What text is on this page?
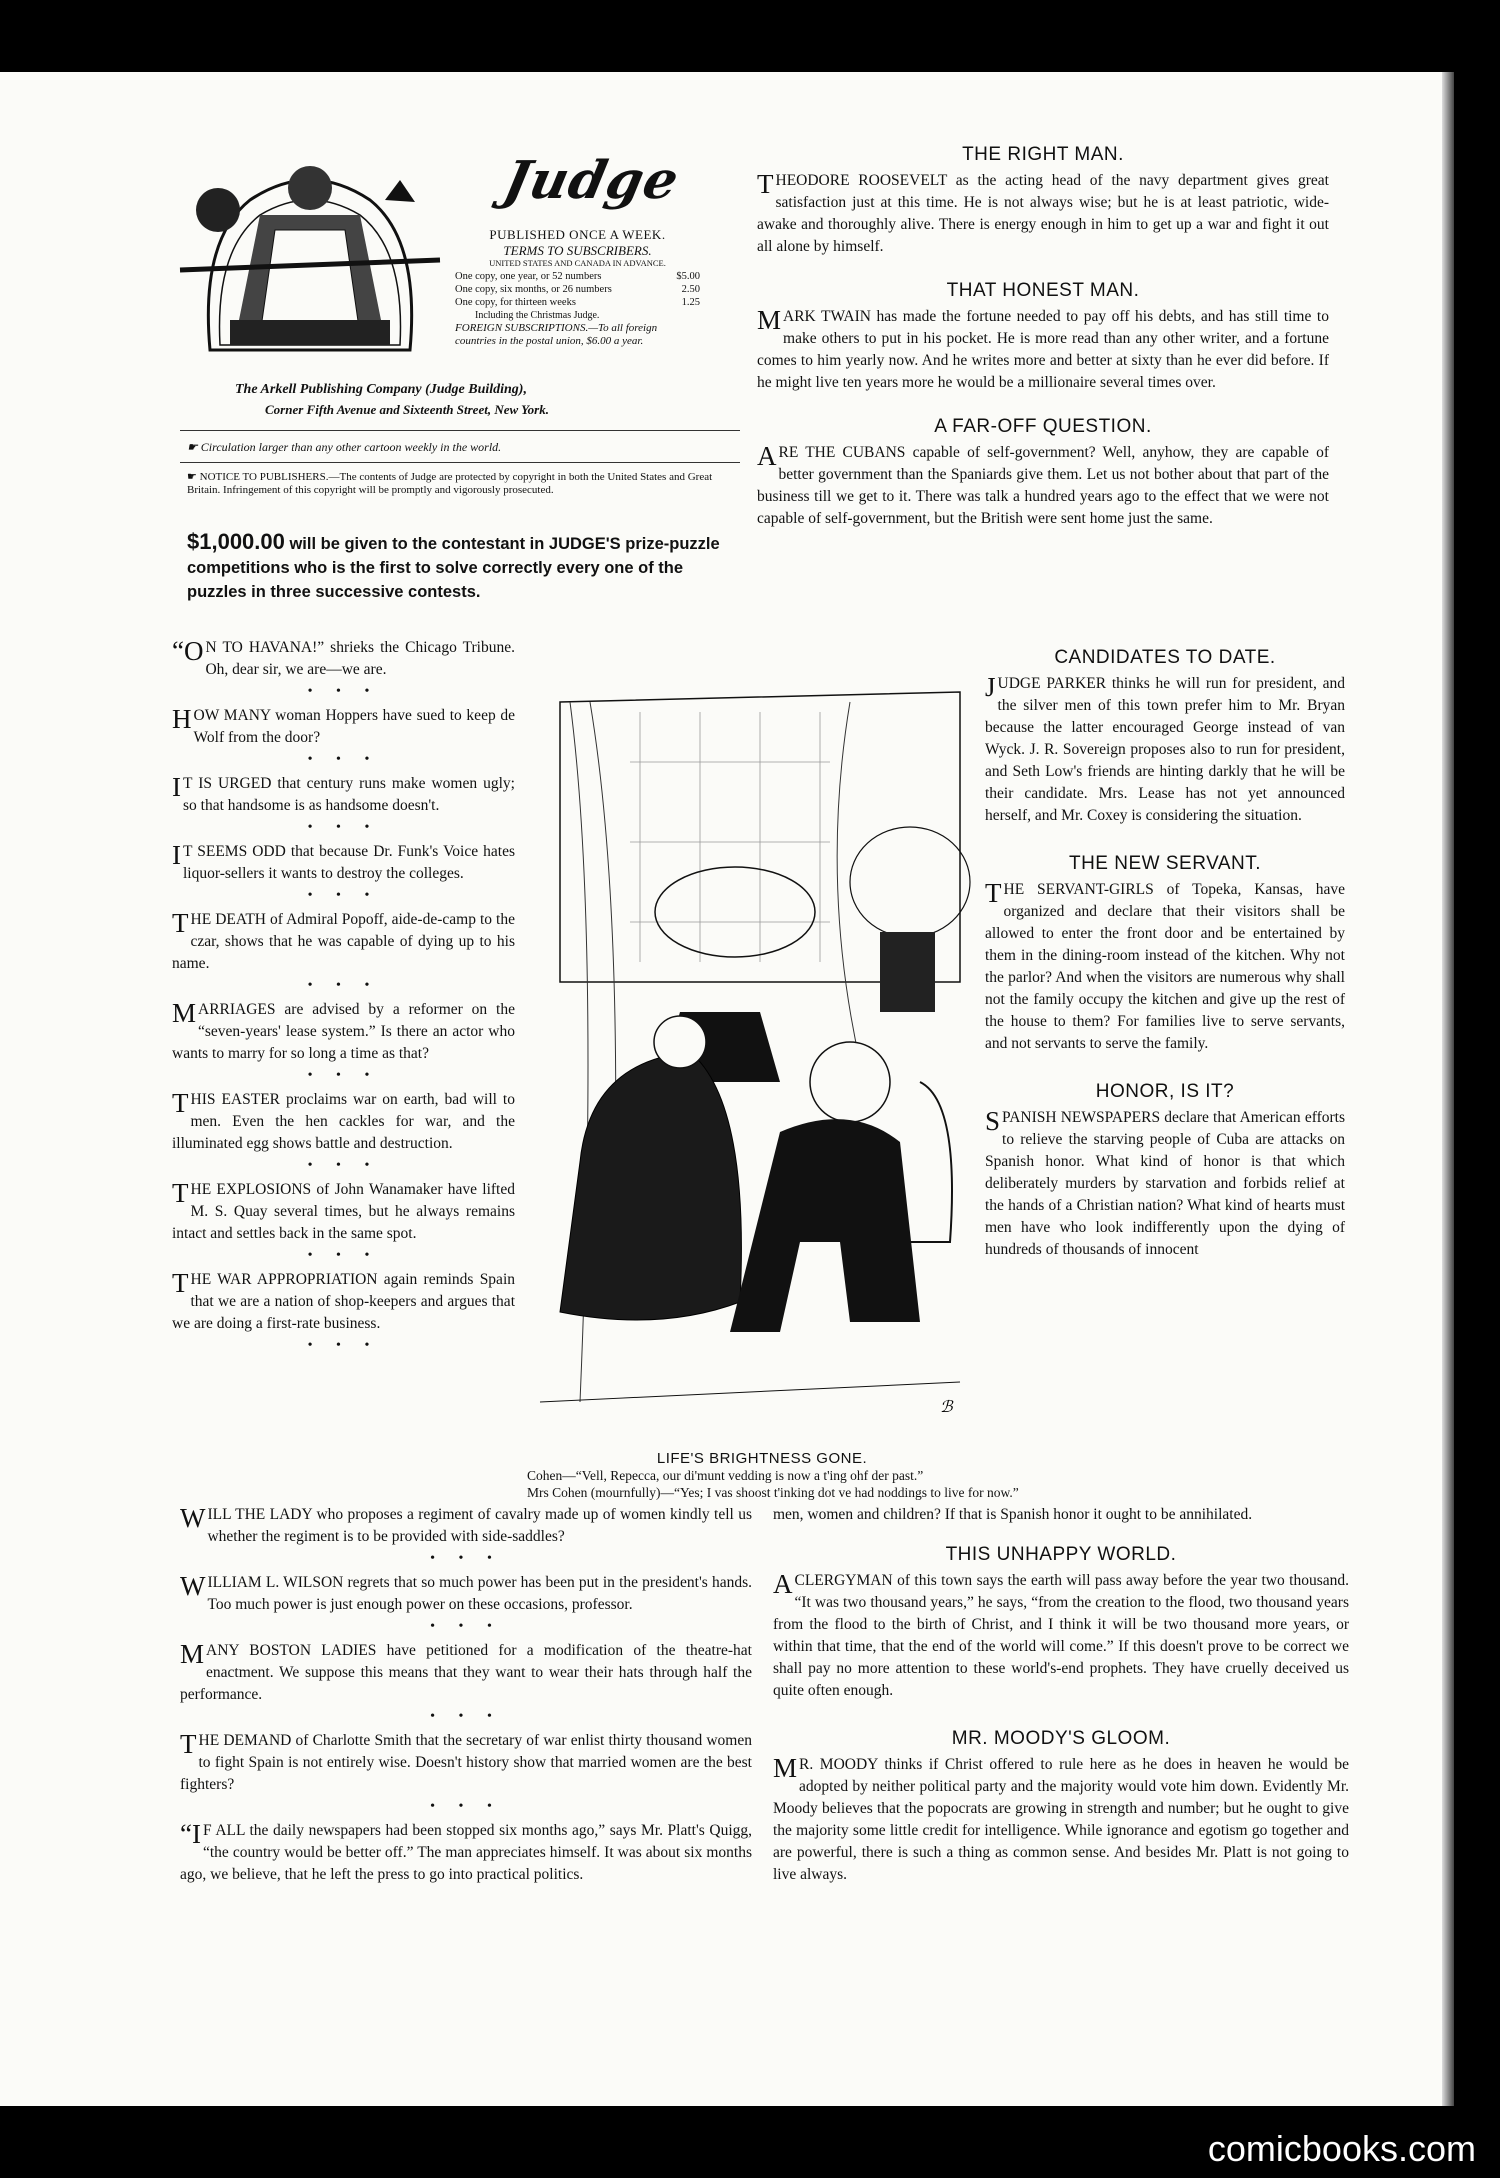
Judge

PUBLISHED ONCE A WEEK.

TERMS TO SUBSCRIBERS.

UNITED STATES AND CANADA IN ADVANCE.

One copy, one year, or 52 numbers	$5.00
One copy, six months, or 26 numbers	2.50
One copy, for thirteen weeks	1.25

Including the Christmas Judge.

FOREIGN SUBSCRIPTIONS.—To all foreign countries in the postal union, $6.00 a year.

The Arkell Publishing Company (Judge Building),

Corner Fifth Avenue and Sixteenth Street, New York.

☛ Circulation larger than any other cartoon weekly in the world.

☛ NOTICE TO PUBLISHERS.—The contents of Judge are protected by copyright in both the United States and Great Britain. Infringement of this copyright will be promptly and vigorously prosecuted.

$1,000.00 will be given to the contestant in JUDGE'S prize-puzzle competitions who is the first to solve correctly every one of the puzzles in three successive contests.

THE RIGHT MAN.

THEODORE ROOSEVELT as the acting head of the navy department gives great satisfaction just at this time. He is not always wise; but he is at least patriotic, wide-awake and thoroughly alive. There is energy enough in him to get up a war and fight it out all alone by himself.

THAT HONEST MAN.

MARK TWAIN has made the fortune needed to pay off his debts, and has still time to make others to put in his pocket. He is more read than any other writer, and a fortune comes to him yearly now. And he writes more and better at sixty than he ever did before. If he might live ten years more he would be a millionaire several times over.

A FAR-OFF QUESTION.

ARE THE CUBANS capable of self-government? Well, anyhow, they are capable of better government than the Spaniards give them. Let us not bother about that part of the business till we get to it. There was talk a hundred years ago to the effect that we were not capable of self-government, but the British were sent home just the same.

“O N TO HAVANA!” shrieks the Chicago Tribune. Oh, dear sir, we are—we are.

• • •

HOW MANY woman Hoppers have sued to keep de Wolf from the door?

• • •

I T IS URGED that century runs make women ugly; so that handsome is as handsome doesn't.

• • •

I T SEEMS ODD that because Dr. Funk's Voice hates liquor-sellers it wants to destroy the colleges.

• • •

THE DEATH of Admiral Popoff, aide-de-camp to the czar, shows that he was capable of dying up to his name.

• • •

MARRIAGES are advised by a reformer on the “seven-years' lease system.” Is there an actor who wants to marry for so long a time as that?

• • •

THIS EASTER proclaims war on earth, bad will to men. Even the hen cackles for war, and the illuminated egg shows battle and destruction.

• • •

THE EXPLOSIONS of John Wanamaker have lifted M. S. Quay several times, but he always remains intact and settles back in the same spot.

• • •

THE WAR APPROPRIATION again reminds Spain that we are a nation of shop-keepers and argues that we are doing a first-rate business.

• • •
ℬ

LIFE'S BRIGHTNESS GONE.

Cohen—“Vell, Repecca, our di'munt vedding is now a t'ing ohf der past.”

Mrs Cohen (mournfully)—“Yes; I vas shoost t'inking dot ve had noddings to live for now.”

CANDIDATES TO DATE.

JUDGE PARKER thinks he will run for president, and the silver men of this town prefer him to Mr. Bryan because the latter encouraged George instead of van Wyck. J. R. Sovereign proposes also to run for president, and Seth Low's friends are hinting darkly that he will be their candidate. Mrs. Lease has not yet announced herself, and Mr. Coxey is considering the situation.

THE NEW SERVANT.

THE SERVANT-GIRLS of Topeka, Kansas, have organized and declare that their visitors shall be allowed to enter the front door and be entertained by them in the dining-room instead of the kitchen. Why not the parlor? And when the visitors are numerous why shall not the family occupy the kitchen and give up the rest of the house to them? For families live to serve servants, and not servants to serve the family.

HONOR, IS IT?

SPANISH NEWSPAPERS declare that American efforts to relieve the starving people of Cuba are attacks on Spanish honor. What kind of honor is that which deliberately murders by starvation and forbids relief at the hands of a Christian nation? What kind of hearts must men have who look indifferently upon the dying of hundreds of thousands of innocent

WILL THE LADY who proposes a regiment of cavalry made up of women kindly tell us whether the regiment is to be provided with side-saddles?

• • •

WILLIAM L. WILSON regrets that so much power has been put in the president's hands. Too much power is just enough power on these occasions, professor.

• • •

MANY BOSTON LADIES have petitioned for a modification of the theatre-hat enactment. We suppose this means that they want to wear their hats through half the performance.

• • •

THE DEMAND of Charlotte Smith that the secretary of war enlist thirty thousand women to fight Spain is not entirely wise. Doesn't history show that married women are the best fighters?

• • •

“I F ALL the daily newspapers had been stopped six months ago,” says Mr. Platt's Quigg, “the country would be better off.” The man appreciates himself. It was about six months ago, we believe, that he left the press to go into practical politics.

men, women and children? If that is Spanish honor it ought to be annihilated.

THIS UNHAPPY WORLD.

A CLERGYMAN of this town says the earth will pass away before the year two thousand. “It was two thousand years,” he says, “from the creation to the flood, two thousand years from the flood to the birth of Christ, and I think it will be two thousand more years, or within that time, that the end of the world will come.” If this doesn't prove to be correct we shall pay no more attention to these world's-end prophets. They have cruelly deceived us quite often enough.

MR. MOODY'S GLOOM.

M R. MOODY thinks if Christ offered to rule here as he does in heaven he would be adopted by neither political party and the majority would vote him down. Evidently Mr. Moody believes that the popocrats are growing in strength and number; but he ought to give the majority some little credit for intelligence. While ignorance and egotism go together and are powerful, there is such a thing as common sense. And besides Mr. Platt is not going to live always.

comicbooks.com
